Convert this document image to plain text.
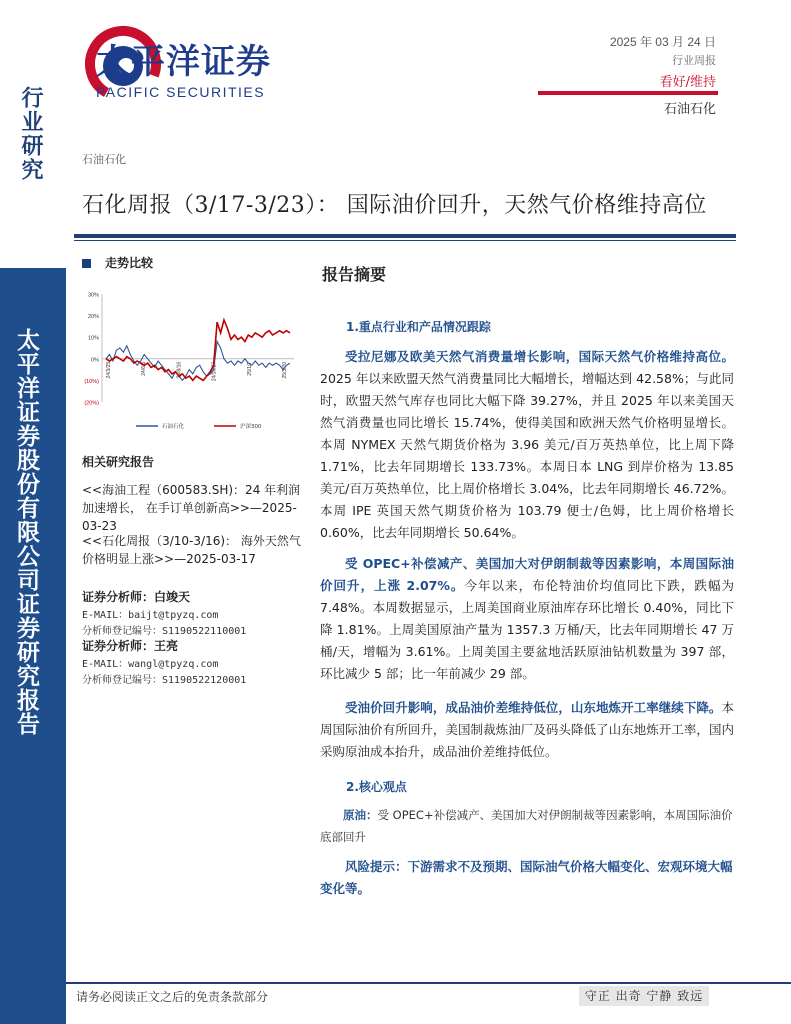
行业研究
太平洋证券股份有限公司证券研究报告
太平洋证券
PACIFIC SECURITIES
2025 年 03 月 24 日
行业周报
看好/维持
石油石化
石油石化
石化周报（3/17-3/23）： 国际油价回升，天然气价格维持高位
走势比较
30%
20%
10%
0%
(10%)
(20%)
24/3/25	24/6/5	24/8/16	24/10/27	25/1/7	25/3/20
石油石化	沪深300
相关研究报告
<<海油工程（600583.SH)：24 年利润加速增长， 在手订单创新高>>—2025-03-23
<<石化周报（3/10-3/16)： 海外天然气价格明显上涨>>—2025-03-17
证券分析师：白竣天
E-MAIL：baijt@tpyzq.com
分析师登记编号：S1190522110001
证券分析师：王亮
E-MAIL：wangl@tpyzq.com
分析师登记编号：S1190522120001
报告摘要
1.重点行业和产品情况跟踪
受拉尼娜及欧美天然气消费量增长影响，国际天然气价格维持高位。2025 年以来欧盟天然气消费量同比大幅增长，增幅达到 42.58%；与此同时，欧盟天然气库存也同比大幅下降 39.27%，并且 2025 年以来美国天然气消费量也同比增长 15.74%，使得美国和欧洲天然气价格明显增长。本周 NYMEX 天然气期货价格为 3.96 美元/百万英热单位，比上周下降 1.71%，比去年同期增长 133.73%。本周日本 LNG 到岸价格为 13.85 美元/百万英热单位，比上周价格增长 3.04%，比去年同期增长 46.72%。本周 IPE 英国天然气期货价格为 103.79 便士/色姆，比上周价格增长 0.60%，比去年同期增长 50.64%。
受 OPEC+补偿减产、美国加大对伊朗制裁等因素影响，本周国际油价回升，上涨 2.07%。今年以来，布伦特油价均值同比下跌，跌幅为 7.48%。本周数据显示，上周美国商业原油库存环比增长 0.40%，同比下降 1.81%。上周美国原油产量为 1357.3 万桶/天，比去年同期增长 47 万桶/天，增幅为 3.61%。上周美国主要盆地活跃原油钻机数量为 397 部，环比减少 5 部；比一年前减少 29 部。
受油价回升影响，成品油价差维持低位，山东地炼开工率继续下降。本周国际油价有所回升，美国制裁炼油厂及码头降低了山东地炼开工率，国内采购原油成本抬升，成品油价差维持低位。
2.核心观点
原油：受 OPEC+补偿减产、美国加大对伊朗制裁等因素影响，本周国际油价底部回升
风险提示：下游需求不及预期、国际油气价格大幅变化、宏观环境大幅变化等。
请务必阅读正文之后的免责条款部分	守正 出奇 宁静 致远
